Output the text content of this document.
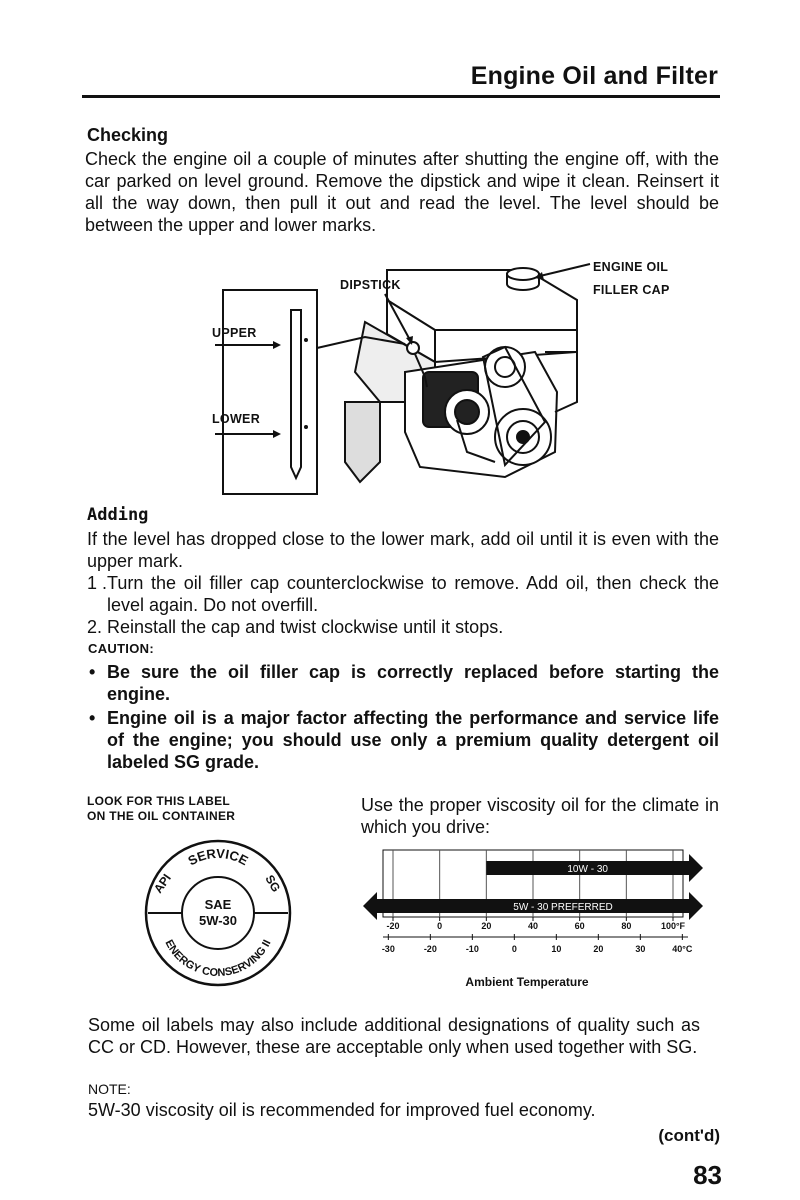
Engine Oil and Filter
Checking
Check the engine oil a couple of minutes after shutting the engine off, with the car parked on level ground. Remove the dipstick and wipe it clean. Reinsert it all the way down, then pull it out and read the level. The level should be between the upper and lower marks.
DIPSTICK
ENGINE OIL
FILLER CAP
UPPER
LOWER
Adding
If the level has dropped close to the lower mark, add oil until it is even with the upper mark.
1 . Turn the oil filler cap counterclockwise to remove. Add oil, then check the level again. Do not overfill.
2. Reinstall the cap and twist clockwise until it stops.
CAUTION:
• Be sure the oil filler cap is correctly replaced before starting the engine.
• Engine oil is a major factor affecting the performance and service life of the engine; you should use only a premium quality detergent oil labeled SG grade.
LOOK FOR THIS LABEL
ON THE OIL CONTAINER
SERVICE
API	SG
ENERGY CONSERVING II
SAE
5W-30
Use the proper viscosity oil for the climate in which you drive:
10W - 30
5W - 30 PREFERRED
-20	0	20	40	60	80	100°F
-30	-20	-10	0	10	20	30	40°C
Ambient Temperature
Some oil labels may also include additional designations of quality such as CC or CD. However, these are acceptable only when used together with SG.
NOTE:
5W-30 viscosity oil is recommended for improved fuel economy.
(cont'd)
83
